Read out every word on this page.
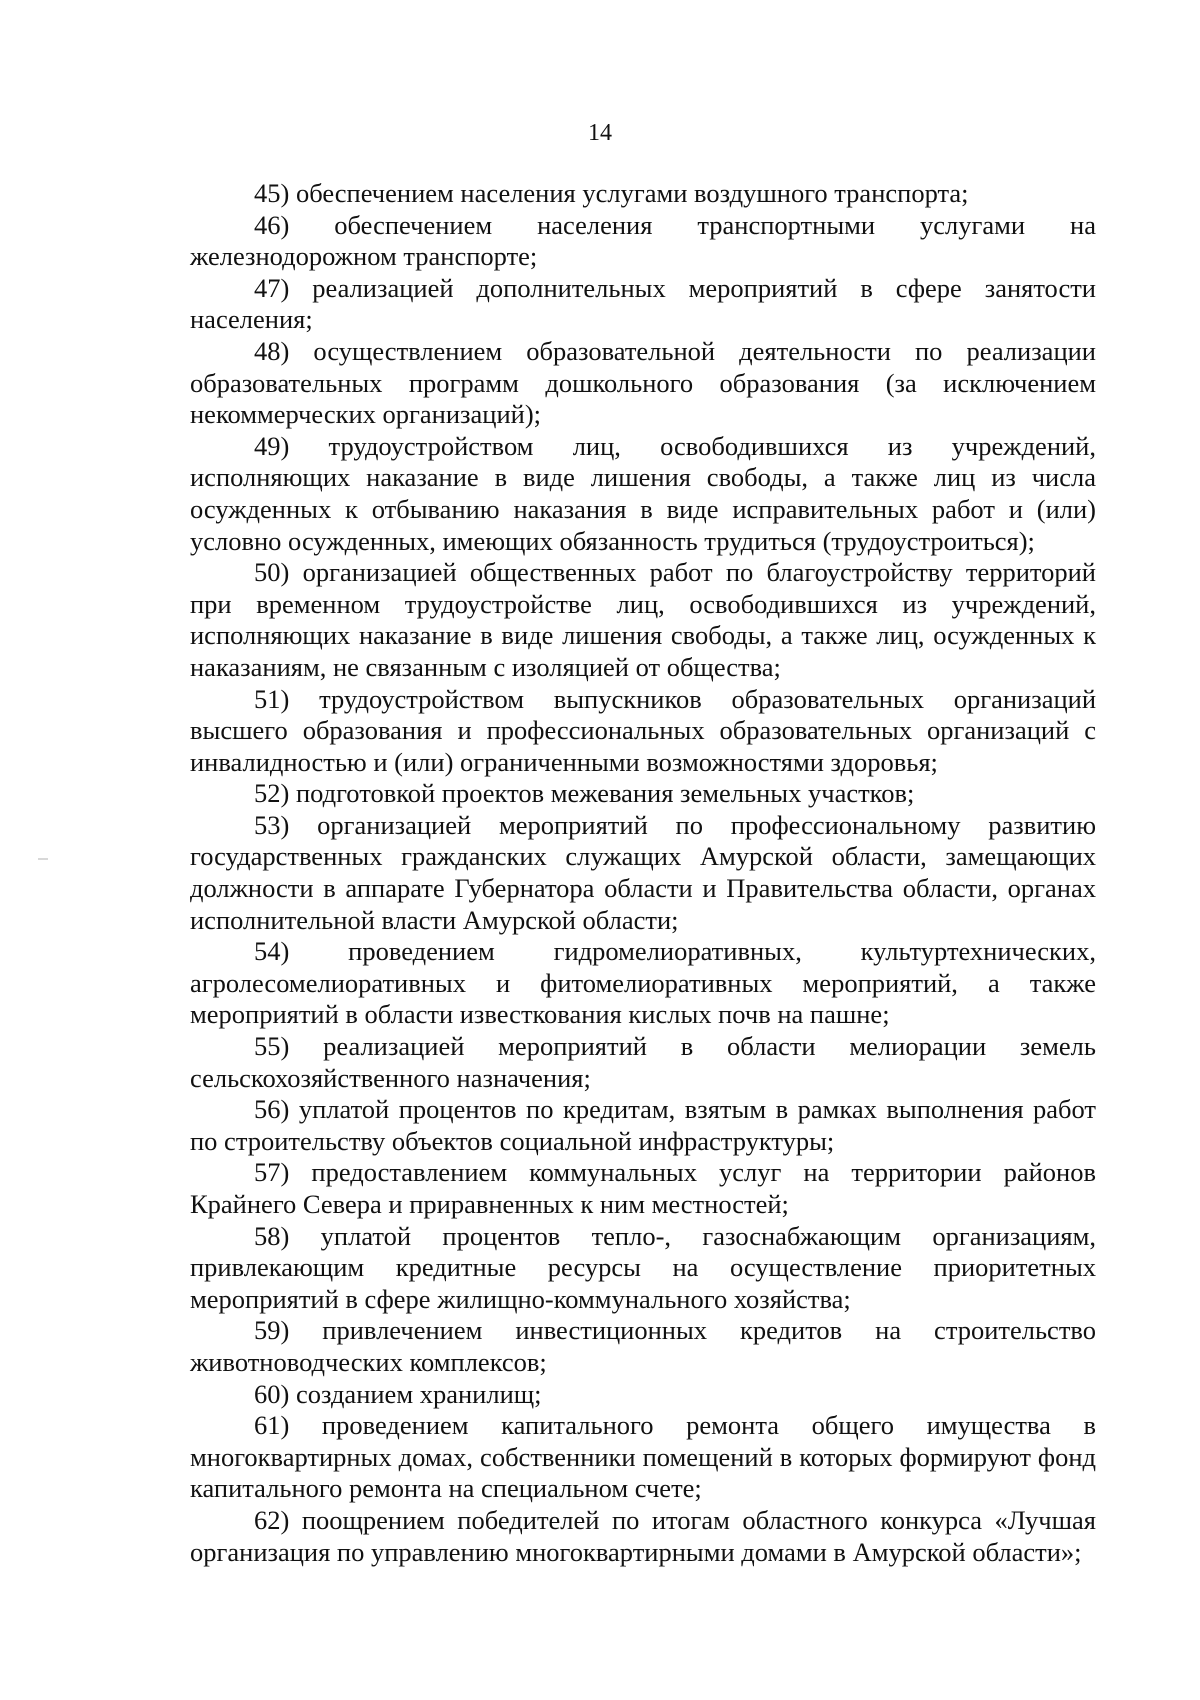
14

45) обеспечением населения услугами воздушного транспорта;

46) обеспечением населения транспортными услугами на железнодорожном транспорте;

47) реализацией дополнительных мероприятий в сфере занятости населения;

48) осуществлением образовательной деятельности по реализации образовательных программ дошкольного образования (за исключением некоммерческих организаций);

49) трудоустройством лиц, освободившихся из учреждений, исполняющих наказание в виде лишения свободы, а также лиц из числа осужденных к отбыванию наказания в виде исправительных работ и (или) условно осужденных, имеющих обязанность трудиться (трудоустроиться);

50) организацией общественных работ по благоустройству территорий при временном трудоустройстве лиц, освободившихся из учреждений, исполняющих наказание в виде лишения свободы, а также лиц, осужденных к наказаниям, не связанным с изоляцией от общества;

51) трудоустройством выпускников образовательных организаций высшего образования и профессиональных образовательных организаций с инвалидностью и (или) ограниченными возможностями здоровья;

52) подготовкой проектов межевания земельных участков;

53) организацией мероприятий по профессиональному развитию государственных гражданских служащих Амурской области, замещающих должности в аппарате Губернатора области и Правительства области, органах исполнительной власти Амурской области;

54) проведением гидромелиоративных, культуртехнических, агролесомелиоративных и фитомелиоративных мероприятий, а также мероприятий в области известкования кислых почв на пашне;

55) реализацией мероприятий в области мелиорации земель сельскохозяйственного назначения;

56) уплатой процентов по кредитам, взятым в рамках выполнения работ по строительству объектов социальной инфраструктуры;

57) предоставлением коммунальных услуг на территории районов Крайнего Севера и приравненных к ним местностей;

58) уплатой процентов тепло-, газоснабжающим организациям, привлекающим кредитные ресурсы на осуществление приоритетных мероприятий в сфере жилищно-коммунального хозяйства;

59) привлечением инвестиционных кредитов на строительство животноводческих комплексов;

60) созданием хранилищ;

61) проведением капитального ремонта общего имущества в многоквартирных домах, собственники помещений в которых формируют фонд капитального ремонта на специальном счете;

62) поощрением победителей по итогам областного конкурса «Лучшая организация по управлению многоквартирными домами в Амурской области»;
